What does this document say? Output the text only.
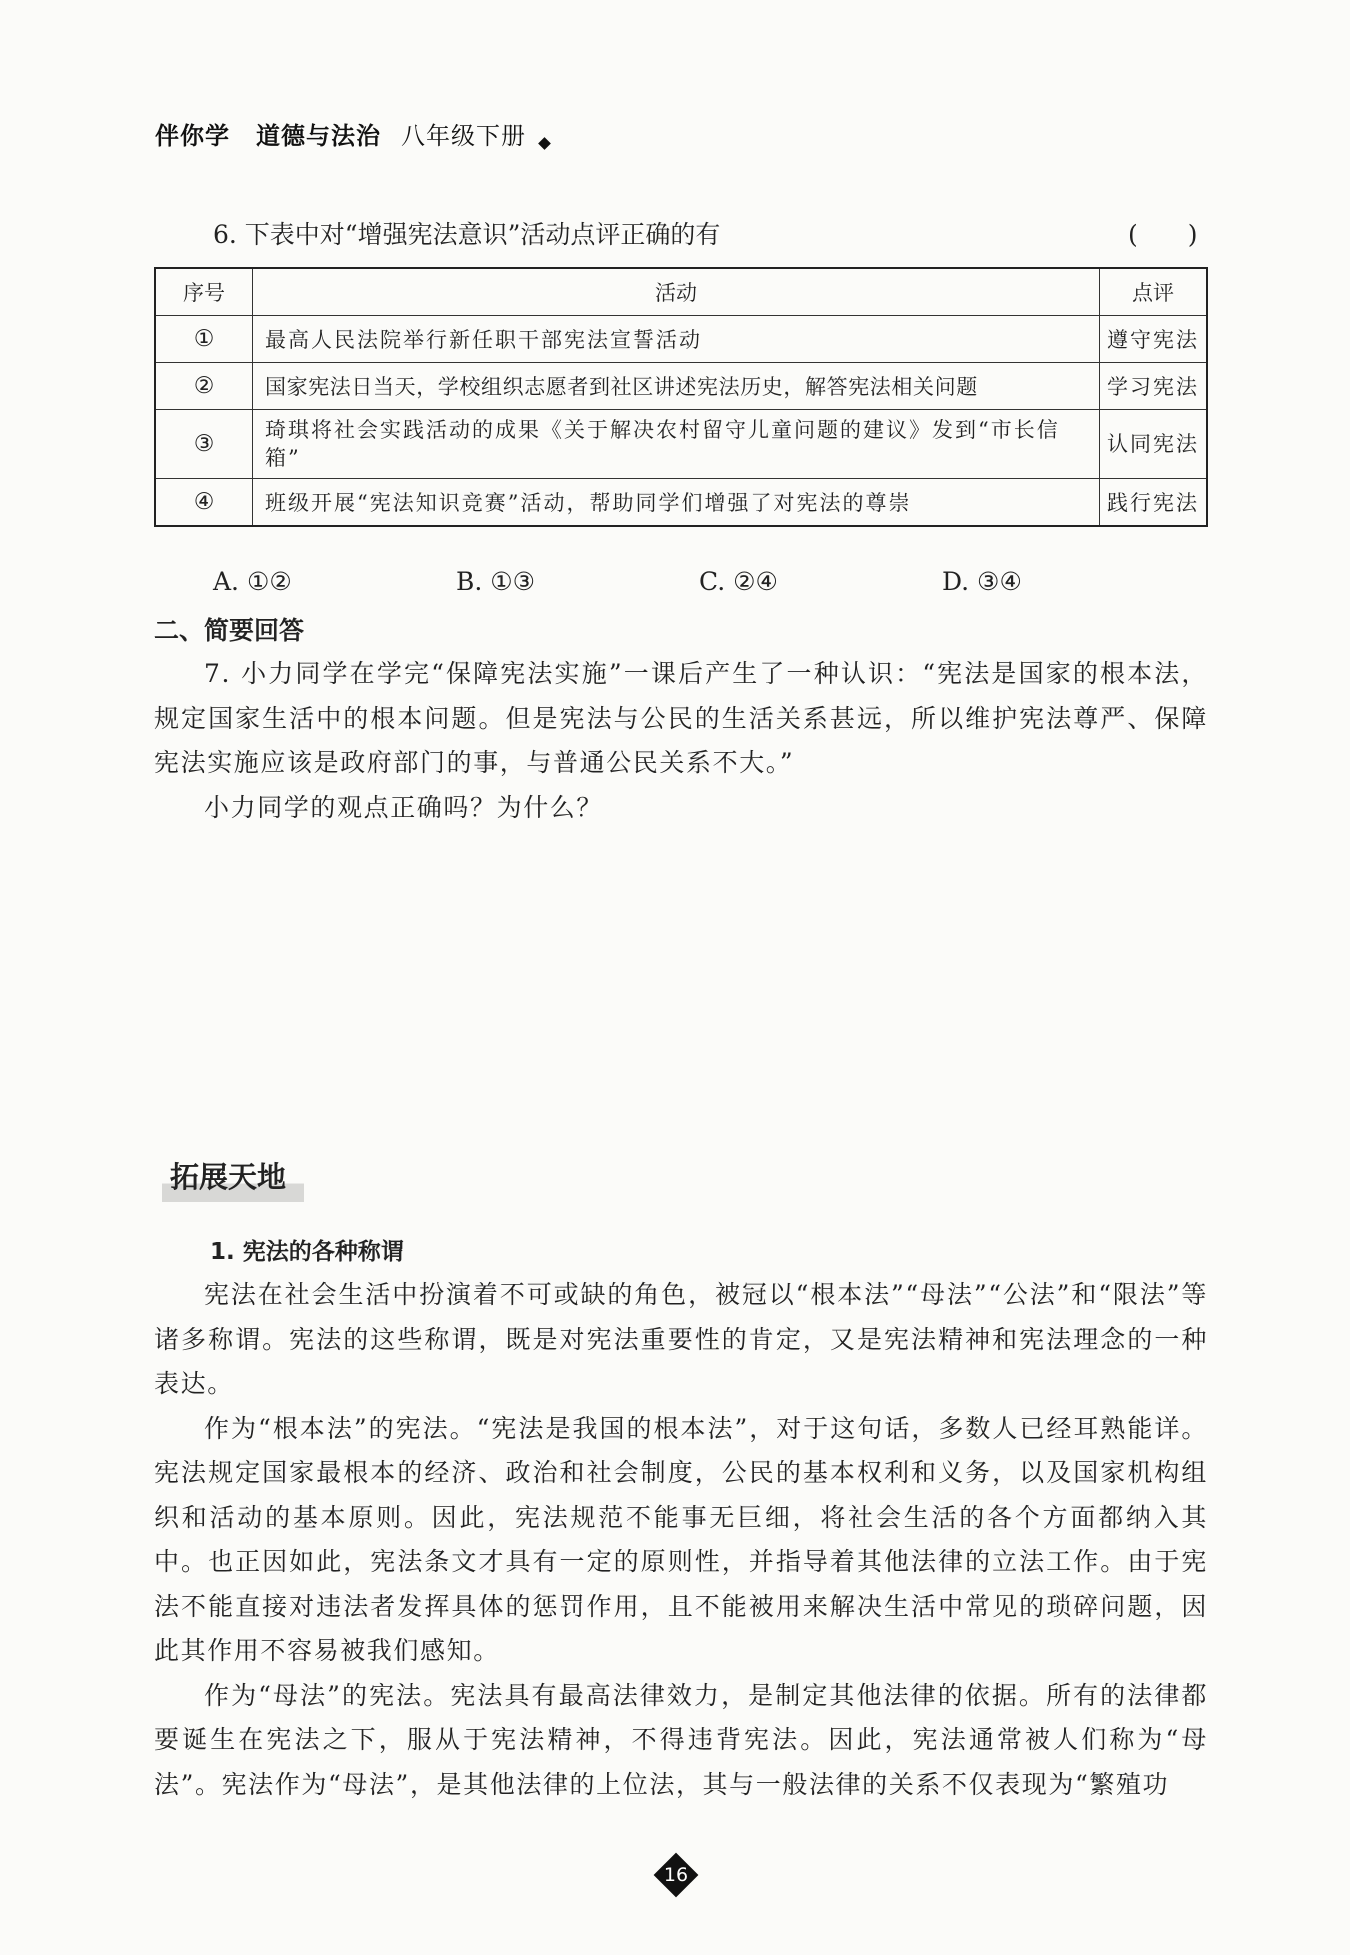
伴你学 道德与法治 八年级下册
6. 下表中对“增强宪法意识”活动点评正确的有	(　　)
序号	活动	点评
①	最高人民法院举行新任职干部宪法宣誓活动	遵守宪法
②	国家宪法日当天，学校组织志愿者到社区讲述宪法历史，解答宪法相关问题	学习宪法
③	琦琪将社会实践活动的成果《关于解决农村留守儿童问题的建议》发到“市长信箱”	认同宪法
④	班级开展“宪法知识竞赛”活动，帮助同学们增强了对宪法的尊崇	践行宪法
A. ①②	B. ①③	C. ②④	D. ③④
二、简要回答

7. 小力同学在学完“保障宪法实施”一课后产生了一种认识：“宪法是国家的根本法，规定国家生活中的根本问题。但是宪法与公民的生活关系甚远，所以维护宪法尊严、保障宪法实施应该是政府部门的事，与普通公民关系不大。”

小力同学的观点正确吗？为什么？

拓展天地
1. 宪法的各种称谓

宪法在社会生活中扮演着不可或缺的角色，被冠以“根本法”“母法”“公法”和“限法”等诸多称谓。宪法的这些称谓，既是对宪法重要性的肯定，又是宪法精神和宪法理念的一种表达。

作为“根本法”的宪法。“宪法是我国的根本法”，对于这句话，多数人已经耳熟能详。宪法规定国家最根本的经济、政治和社会制度，公民的基本权利和义务，以及国家机构组织和活动的基本原则。因此，宪法规范不能事无巨细，将社会生活的各个方面都纳入其中。也正因如此，宪法条文才具有一定的原则性，并指导着其他法律的立法工作。由于宪法不能直接对违法者发挥具体的惩罚作用，且不能被用来解决生活中常见的琐碎问题，因此其作用不容易被我们感知。

作为“母法”的宪法。宪法具有最高法律效力，是制定其他法律的依据。所有的法律都要诞生在宪法之下，服从于宪法精神，不得违背宪法。因此，宪法通常被人们称为“母法”。宪法作为“母法”，是其他法律的上位法，其与一般法律的关系不仅表现为“繁殖功

16
